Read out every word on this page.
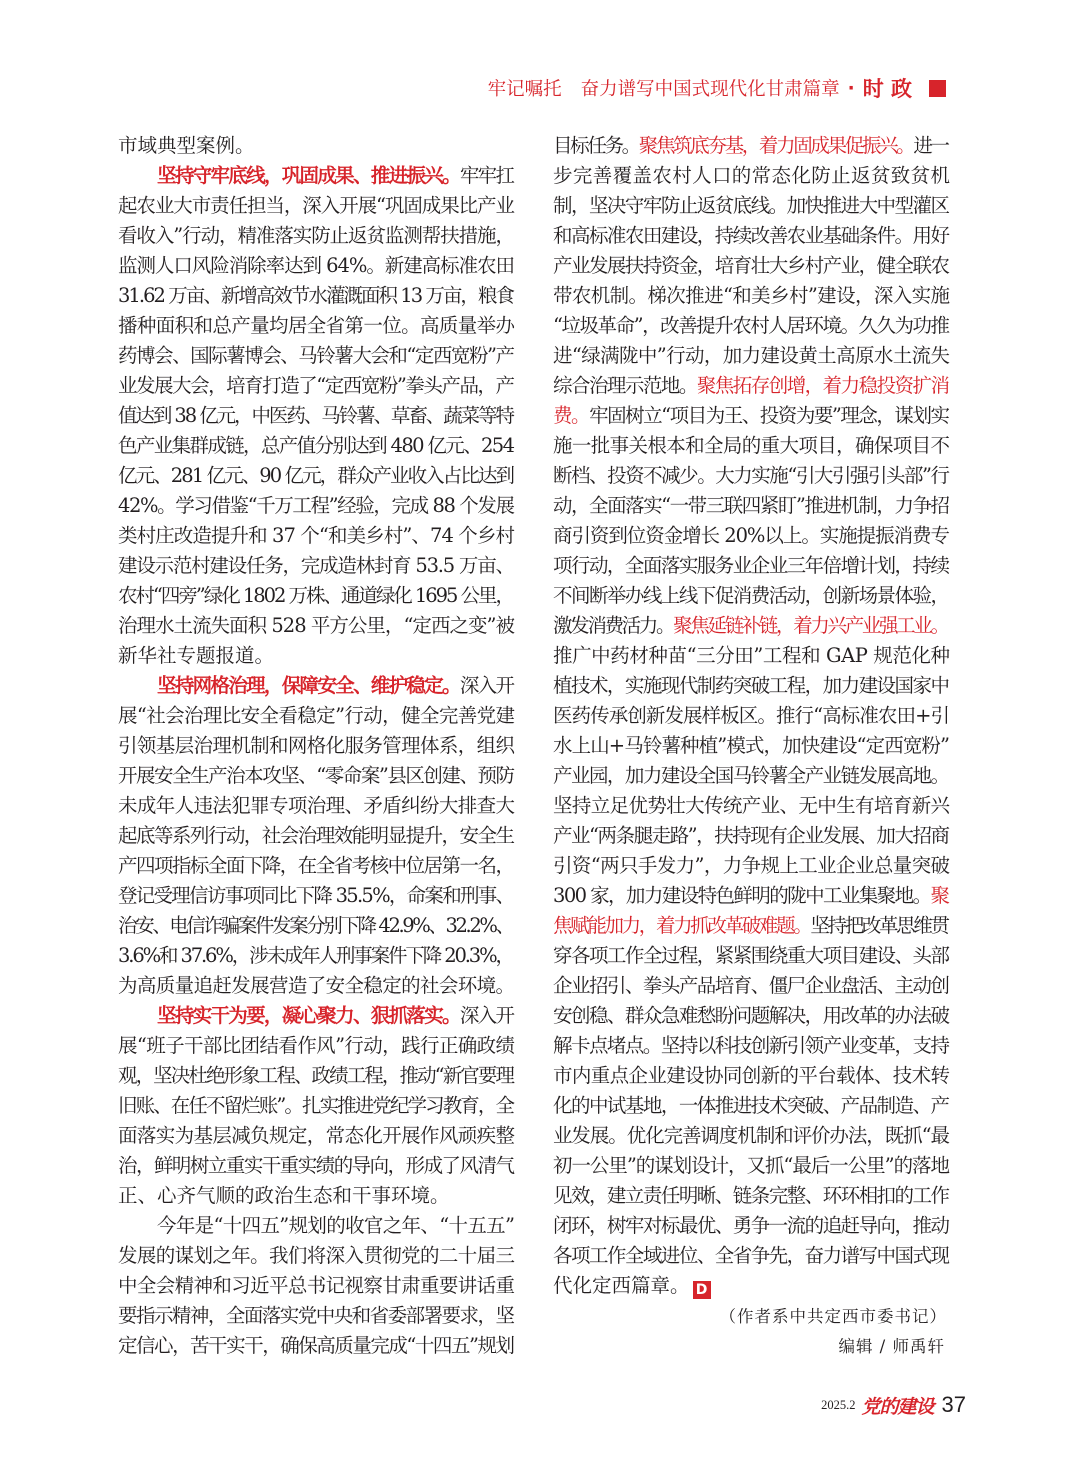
牢记嘱托 奋力谱写中国式现代化甘肃篇章 · 时 政
市域典型案例。
坚持守牢底线，巩固成果、推进振兴。牢牢扛
起农业大市责任担当，深入开展“巩固成果比产业
看收入”行动，精准落实防止返贫监测帮扶措施，
监测人口风险消除率达到 64%。新建高标准农田
31.62 万亩、新增高效节水灌溉面积 13 万亩，粮食
播种面积和总产量均居全省第一位。高质量举办
药博会、国际薯博会、马铃薯大会和“定西宽粉”产
业发展大会，培育打造了“定西宽粉”拳头产品，产
值达到 38 亿元，中医药、马铃薯、草畜、蔬菜等特
色产业集群成链，总产值分别达到 480 亿元、254
亿元、281 亿元、90 亿元，群众产业收入占比达到
42%。学习借鉴“千万工程”经验，完成 88 个发展
类村庄改造提升和 37 个“和美乡村”、74 个乡村
建设示范村建设任务，完成造林封育 53.5 万亩、
农村“四旁”绿化 1802 万株、通道绿化 1695 公里，
治理水土流失面积 528 平方公里，“定西之变”被
新华社专题报道。
坚持网格治理，保障安全、维护稳定。深入开
展“社会治理比安全看稳定”行动，健全完善党建
引领基层治理机制和网格化服务管理体系，组织
开展安全生产治本攻坚、“零命案”县区创建、预防
未成年人违法犯罪专项治理、矛盾纠纷大排查大
起底等系列行动，社会治理效能明显提升，安全生
产四项指标全面下降，在全省考核中位居第一名，
登记受理信访事项同比下降 35.5%，命案和刑事、
治安、电信诈骗案件发案分别下降 42.9%、32.2%、
3.6%和 37.6%，涉未成年人刑事案件下降 20.3%，
为高质量追赶发展营造了安全稳定的社会环境。
坚持实干为要，凝心聚力、狠抓落实。深入开
展“班子干部比团结看作风”行动，践行正确政绩
观，坚决杜绝形象工程、政绩工程，推动“新官要理
旧账、在任不留烂账”。扎实推进党纪学习教育，全
面落实为基层减负规定，常态化开展作风顽疾整
治，鲜明树立重实干重实绩的导向，形成了风清气
正、心齐气顺的政治生态和干事环境。
今年是“十四五”规划的收官之年、“十五五”
发展的谋划之年。我们将深入贯彻党的二十届三
中全会精神和习近平总书记视察甘肃重要讲话重
要指示精神，全面落实党中央和省委部署要求，坚
定信心，苦干实干，确保高质量完成“十四五”规划
目标任务。聚焦筑底夯基，着力固成果促振兴。进一
步完善覆盖农村人口的常态化防止返贫致贫机
制，坚决守牢防止返贫底线。加快推进大中型灌区
和高标准农田建设，持续改善农业基础条件。用好
产业发展扶持资金，培育壮大乡村产业，健全联农
带农机制。梯次推进“和美乡村”建设，深入实施
“垃圾革命”，改善提升农村人居环境。久久为功推
进“绿满陇中”行动，加力建设黄土高原水土流失
综合治理示范地。聚焦拓存创增，着力稳投资扩消
费。牢固树立“项目为王、投资为要”理念，谋划实
施一批事关根本和全局的重大项目，确保项目不
断档、投资不减少。大力实施“引大引强引头部”行
动，全面落实“一带三联四紧盯”推进机制，力争招
商引资到位资金增长 20%以上。实施提振消费专
项行动，全面落实服务业企业三年倍增计划，持续
不间断举办线上线下促消费活动，创新场景体验，
激发消费活力。聚焦延链补链，着力兴产业强工业。
推广中药材种苗“三分田”工程和 GAP 规范化种
植技术，实施现代制药突破工程，加力建设国家中
医药传承创新发展样板区。推行“高标准农田+引
水上山+马铃薯种植”模式，加快建设“定西宽粉”
产业园，加力建设全国马铃薯全产业链发展高地。
坚持立足优势壮大传统产业、无中生有培育新兴
产业“两条腿走路”，扶持现有企业发展、加大招商
引资“两只手发力”，力争规上工业企业总量突破
300 家，加力建设特色鲜明的陇中工业集聚地。聚
焦赋能加力，着力抓改革破难题。坚持把改革思维贯
穿各项工作全过程，紧紧围绕重大项目建设、头部
企业招引、拳头产品培育、僵尸企业盘活、主动创
安创稳、群众急难愁盼问题解决，用改革的办法破
解卡点堵点。坚持以科技创新引领产业变革，支持
市内重点企业建设协同创新的平台载体、技术转
化的中试基地，一体推进技术突破、产品制造、产
业发展。优化完善调度机制和评价办法，既抓“最
初一公里”的谋划设计，又抓“最后一公里”的落地
见效，建立责任明晰、链条完整、环环相扣的工作
闭环，树牢对标最优、勇争一流的追赶导向，推动
各项工作全域进位、全省争先，奋力谱写中国式现
代化定西篇章。 D
（作者系中共定西市委书记）
编辑 / 师禹轩
2025.2 党的建设 37
